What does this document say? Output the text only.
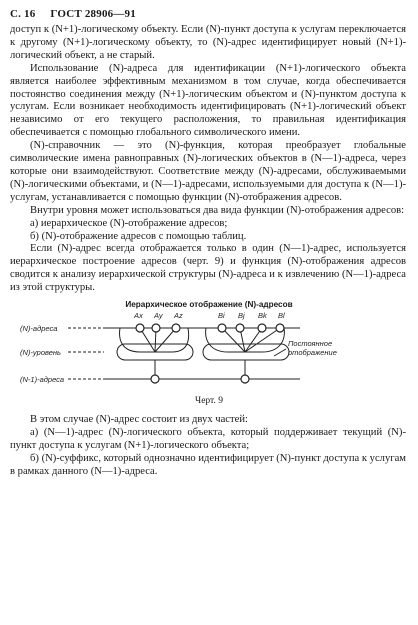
С. 16 ГОСТ 28906—91

доступ к (N+1)-логическому объекту. Если (N)-пункт доступа к услугам переключается к другому (N+1)-логическому объекту, то (N)-адрес идентифицирует новый (N+1)-логический объект, а не старый.

Использование (N)-адреса для идентификации (N+1)-логического объекта является наиболее эффективным механизмом в том случае, когда обеспечивается постоянство соединения между (N+1)-логическим объектом и (N)-пунктом доступа к услугам. Если возникает необходимость идентифицировать (N+1)-логический объект независимо от его текущего расположения, то правильная идентификация обеспечивается с помощью глобального символического имени.

(N)-справочник — это (N)-функция, которая преобразует глобальные символические имена равноправных (N)-логических объектов в (N—1)-адреса, через которые они взаимодействуют. Соответствие между (N)-адресами, обслуживаемыми (N)-логическими объектами, и (N—1)-адресами, используемыми для доступа к (N—1)-услугам, устанавливается с помощью функции (N)-отображения адресов.

Внутри уровня может использоваться два вида функции (N)-отображения адресов:

а) иерархическое (N)-отображение адресов;

б) (N)-отображение адресов с помощью таблиц.

Если (N)-адрес всегда отображается только в один (N—1)-адрес, используется иерархическое построение адресов (черт. 9) и функция (N)-отображения адресов сводится к анализу иерархической структуры (N)-адреса и к извлечению (N—1)-адреса из этой структуры.

Иерархическое отображение (N)-адресов
(N)-адреса
(N)-уровень
(N-1)-адреса
Ax Ay Az	Bi Bj Bk Bl
Постоянное
отображение
Черт. 9

В этом случае (N)-адрес состоит из двух частей:

а) (N—1)-адрес (N)-логического объекта, который поддерживает текущий (N)-пункт доступа к услугам (N+1)-логического объекта;

б) (N)-суффикс, который однозначно идентифицирует (N)-пункт доступа к услугам в рамках данного (N—1)-адреса.
